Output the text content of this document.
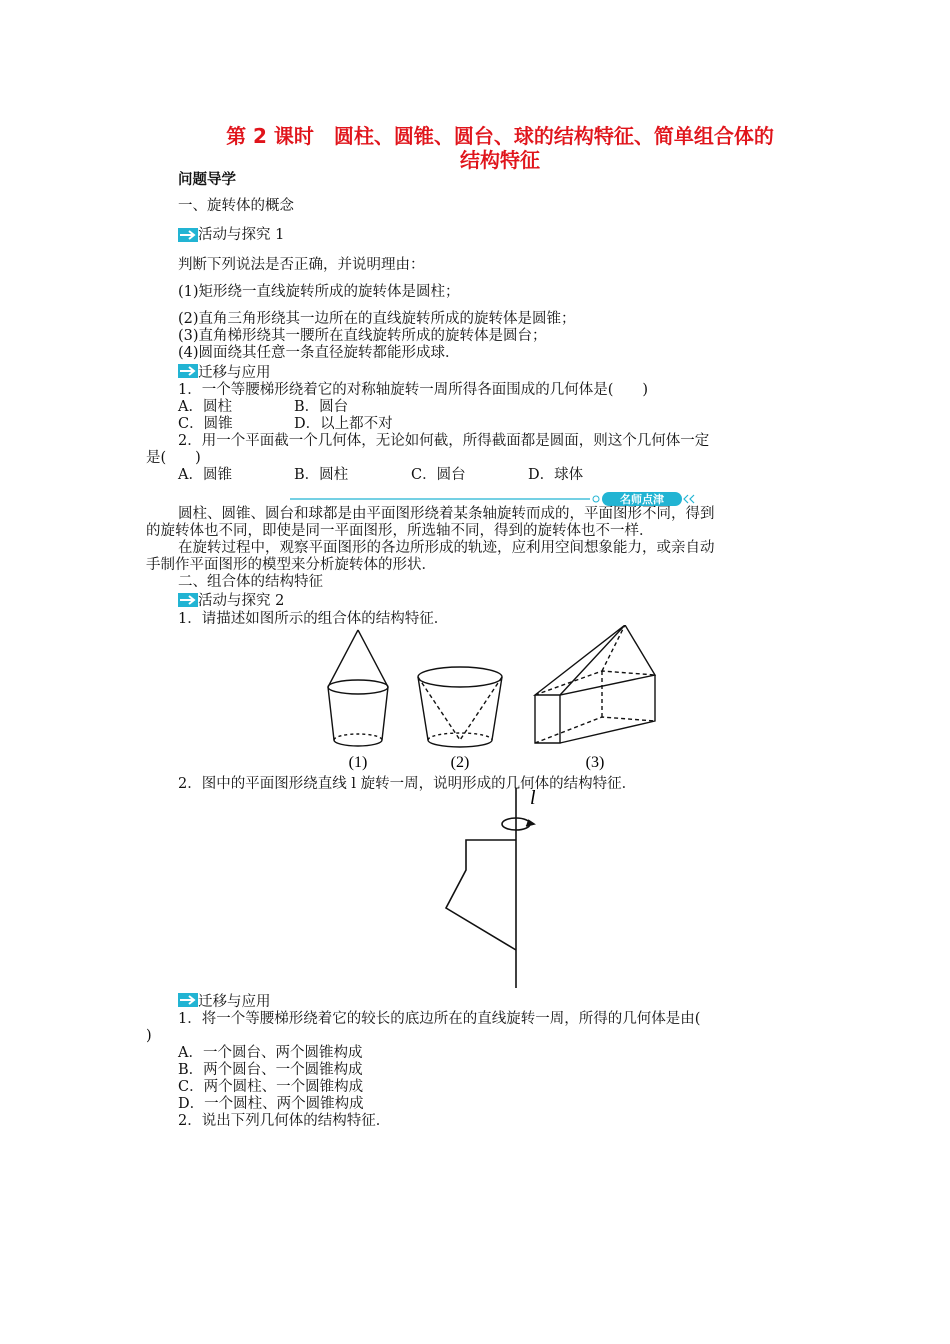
第 2 课时　圆柱、圆锥、圆台、球的结构特征、简单组合体的
结构特征
问题导学
一、旋转体的概念
活动与探究 1
判断下列说法是否正确，并说明理由：
(1)矩形绕一直线旋转所成的旋转体是圆柱；
(2)直角三角形绕其一边所在的直线旋转所成的旋转体是圆锥；
(3)直角梯形绕其一腰所在直线旋转所成的旋转体是圆台；
(4)圆面绕其任意一条直径旋转都能形成球．
迁移与应用
1．一个等腰梯形绕着它的对称轴旋转一周所得各面围成的几何体是(　　)
A．圆柱	B．圆台
C．圆锥	D．以上都不对
2．用一个平面截一个几何体，无论如何截，所得截面都是圆面，则这个几何体一定
是(　　)
A．圆锥	B．圆柱	C．圆台	D．球体
名师点津
圆柱、圆锥、圆台和球都是由平面图形绕着某条轴旋转而成的，平面图形不同，得到
的旋转体也不同，即使是同一平面图形，所选轴不同，得到的旋转体也不一样．
在旋转过程中，观察平面图形的各边所形成的轨迹，应利用空间想象能力，或亲自动
手制作平面图形的模型来分析旋转体的形状．
二、组合体的结构特征
活动与探究 2
1．请描述如图所示的组合体的结构特征．
(1)	(2)	(3)
2．图中的平面图形绕直线 l 旋转一周，说明形成的几何体的结构特征．
l
迁移与应用
1．将一个等腰梯形绕着它的较长的底边所在的直线旋转一周，所得的几何体是由(
)
A．一个圆台、两个圆锥构成
B．两个圆台、一个圆锥构成
C．两个圆柱、一个圆锥构成
D．一个圆柱、两个圆锥构成
2．说出下列几何体的结构特征．
